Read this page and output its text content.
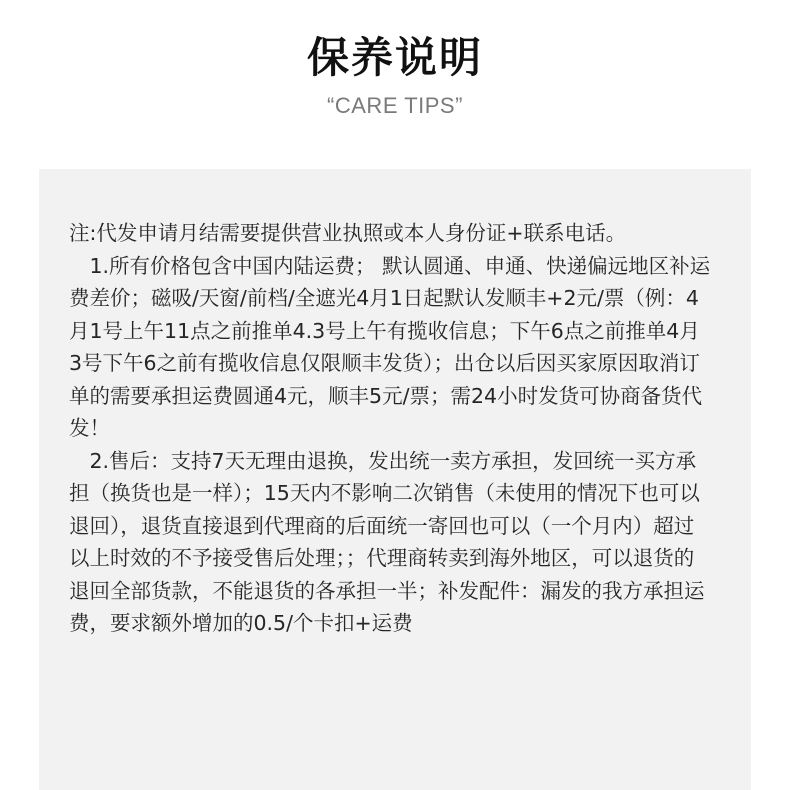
保养说明
“CARE TIPS”

注:代发申请月结需要提供营业执照或本人身份证+联系电话。

1.所有价格包含中国内陆运费； 默认圆通、申通、快递偏远地区补运费差价；磁吸/天窗/前档/全遮光4月1日起默认发顺丰+2元/票（例：4月1号上午11点之前推单4.3号上午有揽收信息；下午6点之前推单4月3号下午6之前有揽收信息仅限顺丰发货）；出仓以后因买家原因取消订单的需要承担运费圆通4元，顺丰5元/票；需24小时发货可协商备货代发！

2.售后：支持7天无理由退换，发出统一卖方承担，发回统一买方承担（换货也是一样）；15天内不影响二次销售（未使用的情况下也可以退回），退货直接退到代理商的后面统一寄回也可以（一个月内）超过以上时效的不予接受售后处理；；代理商转卖到海外地区，可以退货的退回全部货款，不能退货的各承担一半；补发配件：漏发的我方承担运费，要求额外增加的0.5/个卡扣+运费
